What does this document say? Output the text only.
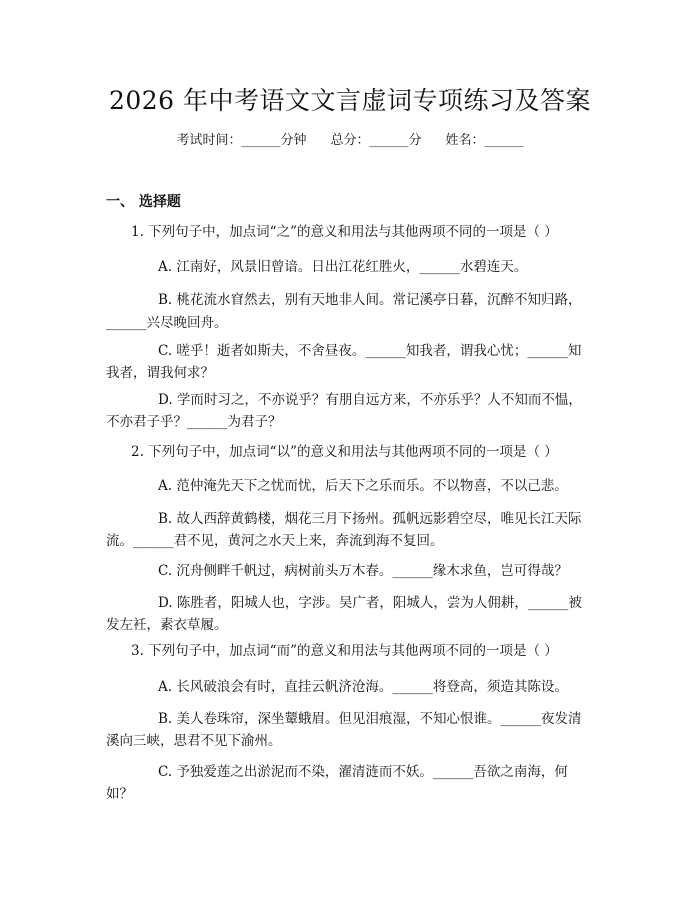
2026 年中考语文文言虚词专项练习及答案
考试时间：______分钟 总分：______分 姓名：______
一、 选择题
1. 下列句子中，加点词“之”的意义和用法与其他两项不同的一项是（ ）
A. 江南好，风景旧曾谙。日出江花红胜火，______水碧连天。
B. 桃花流水窅然去，别有天地非人间。常记溪亭日暮，沉醉不知归路，
______兴尽晚回舟。
C. 嗟乎！逝者如斯夫，不舍昼夜。______知我者，谓我心忧；______知
我者，谓我何求？
D. 学而时习之，不亦说乎？有朋自远方来，不亦乐乎？人不知而不愠，
不亦君子乎？______为君子？
2. 下列句子中，加点词“以”的意义和用法与其他两项不同的一项是（ ）
A. 范仲淹先天下之忧而忧，后天下之乐而乐。不以物喜，不以己悲。
B. 故人西辞黄鹤楼，烟花三月下扬州。孤帆远影碧空尽，唯见长江天际
流。______君不见，黄河之水天上来，奔流到海不复回。
C. 沉舟侧畔千帆过，病树前头万木春。______缘木求鱼，岂可得哉？
D. 陈胜者，阳城人也，字涉。吴广者，阳城人，尝为人佣耕，______被
发左衽，素衣草履。
3. 下列句子中，加点词“而”的意义和用法与其他两项不同的一项是（ ）
A. 长风破浪会有时，直挂云帆济沧海。______将登高，须造其陈设。
B. 美人卷珠帘，深坐颦蛾眉。但见泪痕湿，不知心恨谁。______夜发清
溪向三峡，思君不见下渝州。
C. 予独爱莲之出淤泥而不染，濯清涟而不妖。______吾欲之南海，何
如？
